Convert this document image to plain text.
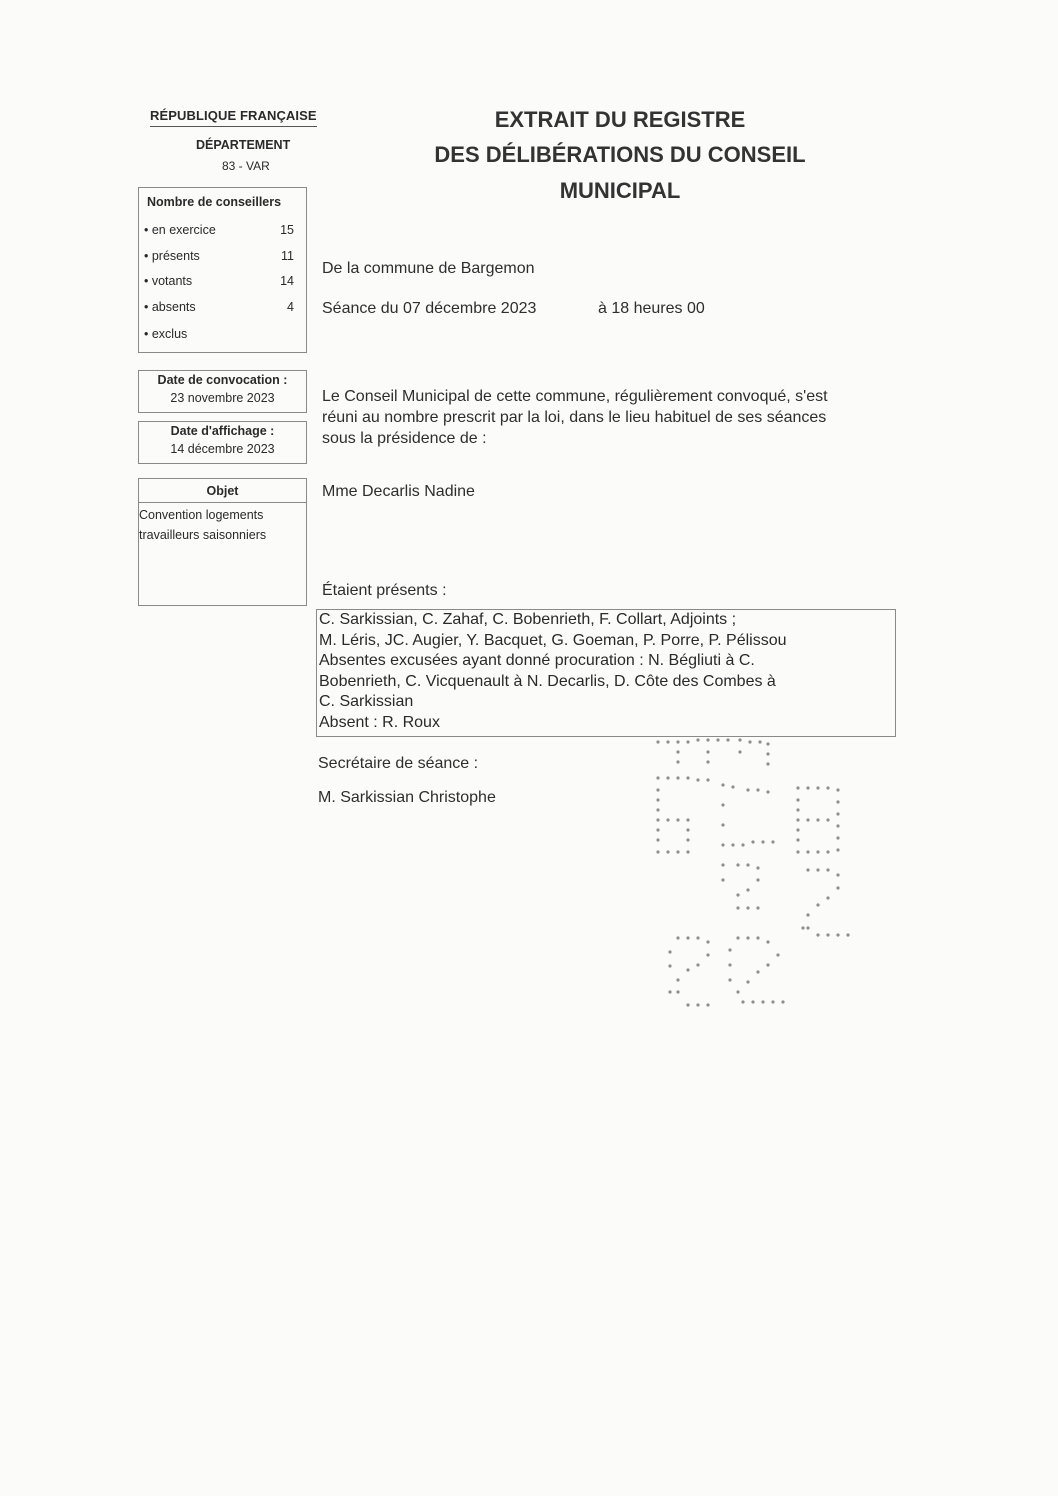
RÉPUBLIQUE FRANÇAISE
DÉPARTEMENT
83 - VAR
EXTRAIT DU REGISTRE
DES DÉLIBÉRATIONS DU CONSEIL
MUNICIPAL
Nombre de conseillers
• en exercice	15
• présents	11
• votants	14
• absents	4
• exclus
Date de convocation :
23 novembre 2023
Date d'affichage :
14 décembre 2023
Objet
Convention logements
travailleurs saisonniers
De la commune de Bargemon
Séance du 07 décembre 2023	à 18 heures 00
Le Conseil Municipal de cette commune, régulièrement convoqué, s'est
réuni au nombre prescrit par la loi, dans le lieu habituel de ses séances
sous la présidence de :
Mme Decarlis Nadine
Étaient présents :
C. Sarkissian, C. Zahaf, C. Bobenrieth, F. Collart, Adjoints ;
M. Léris, JC. Augier, Y. Bacquet, G. Goeman, P. Porre, P. Pélissou
Absentes excusées ayant donné procuration : N. Bégliuti à C.
Bobenrieth, C. Vicquenault à N. Decarlis, D. Côte des Combes à
C. Sarkissian
Absent : R. Roux
Secrétaire de séance :
M. Sarkissian Christophe
